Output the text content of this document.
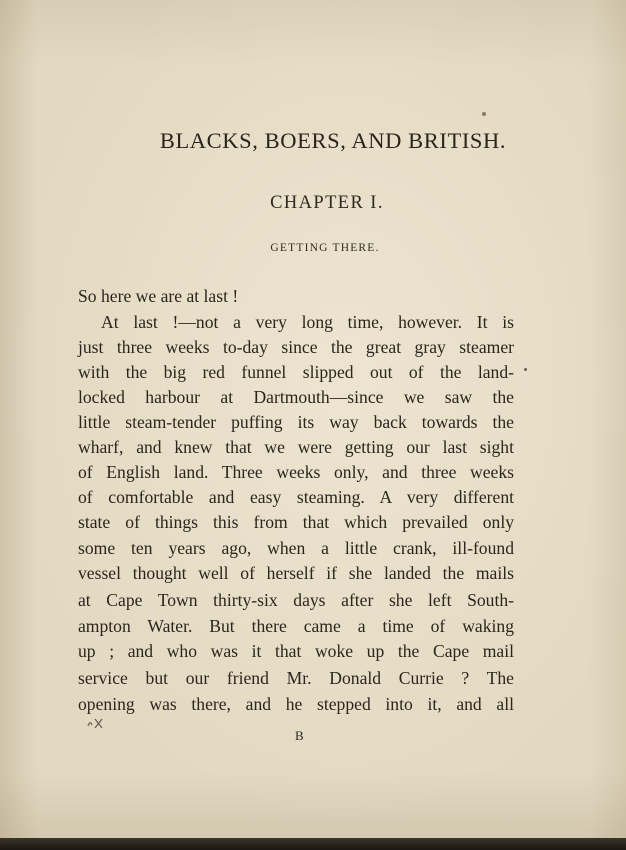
BLACKS, BOERS, AND BRITISH.
CHAPTER I.
GETTING THERE.
So here we are at last !
At last !—not a very long time, however. It is
just three weeks to-day since the great gray steamer
with the big red funnel slipped out of the land-
locked harbour at Dartmouth—since we saw the
little steam-tender puffing its way back towards the
wharf, and knew that we were getting our last sight
of English land. Three weeks only, and three weeks
of comfortable and easy steaming. A very different
state of things this from that which prevailed only
some ten years ago, when a little crank, ill-found
vessel thought well of herself if she landed the mails
at Cape Town thirty-six days after she left South-
ampton Water. But there came a time of waking
up ; and who was it that woke up the Cape mail
service but our friend Mr. Donald Currie ? The
opening was there, and he stepped into it, and all
B
